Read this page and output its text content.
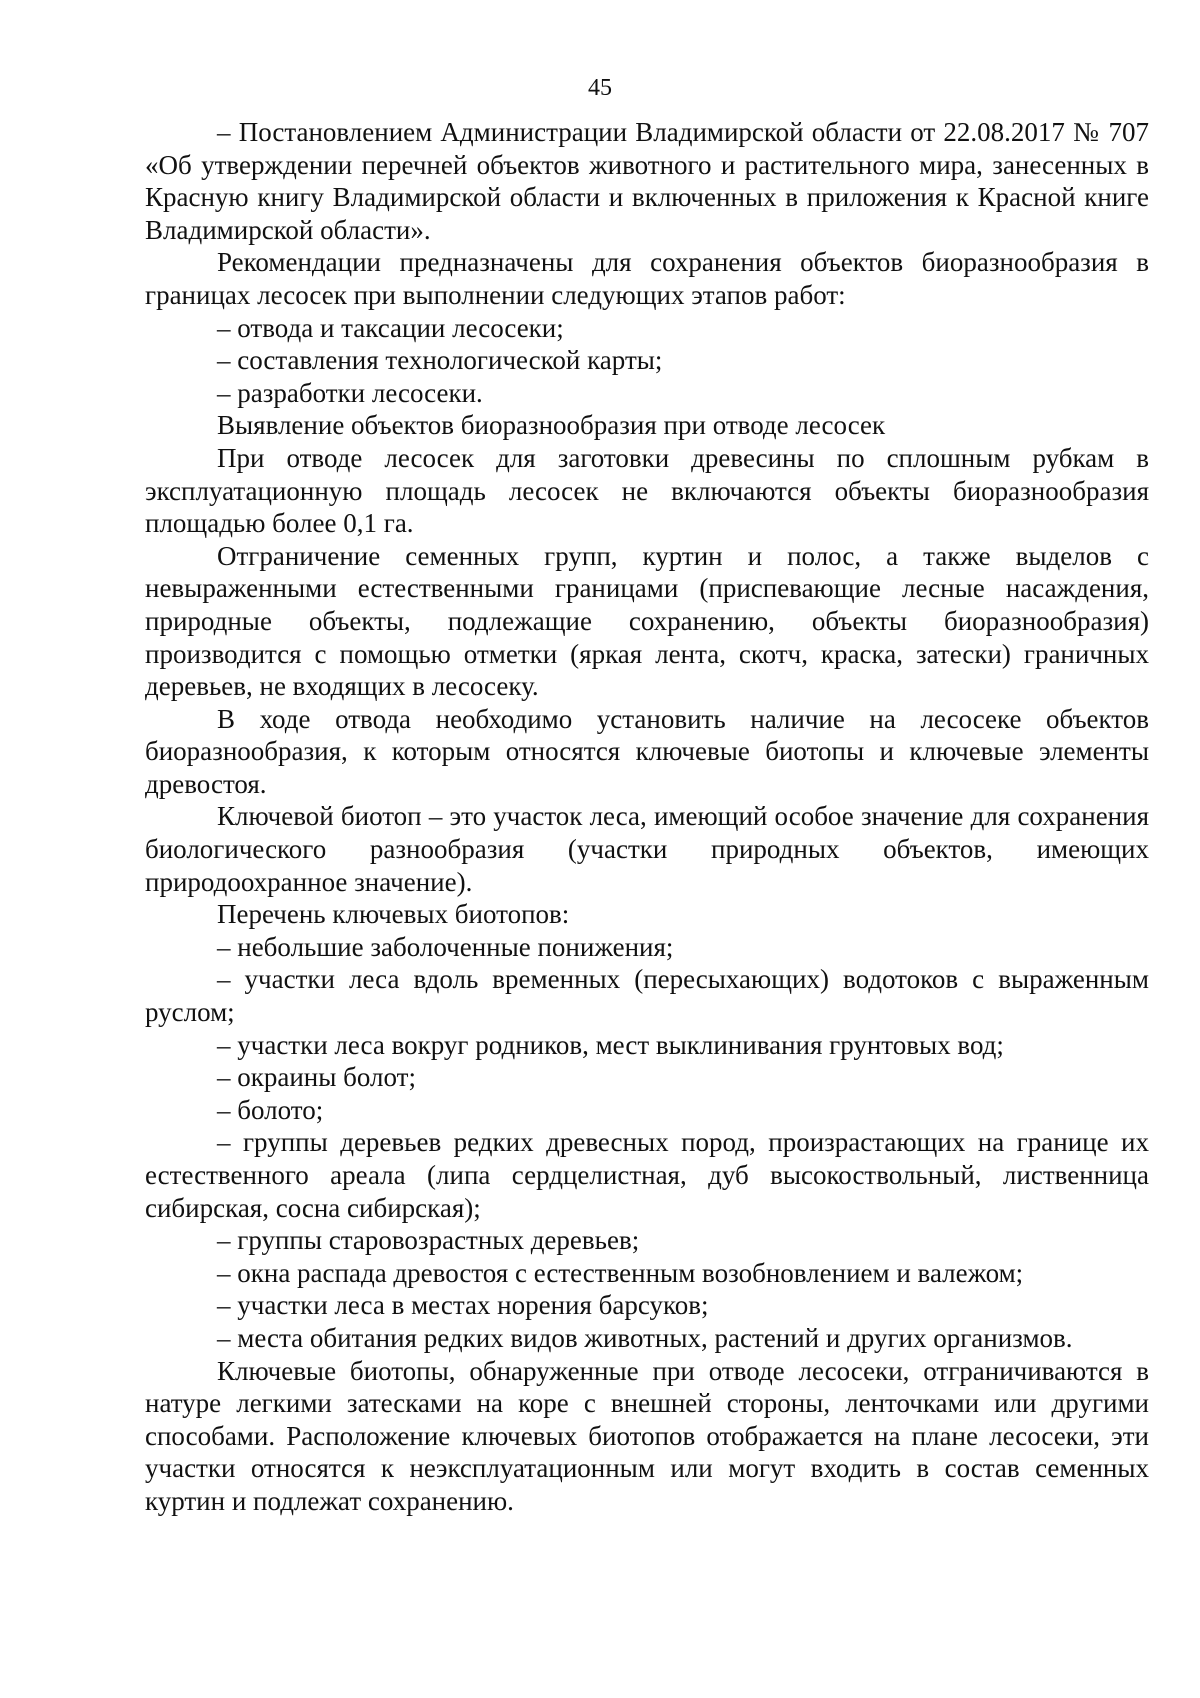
45

– Постановлением Администрации Владимирской области от 22.08.2017 № 707 «Об утверждении перечней объектов животного и растительного мира, занесенных в Красную книгу Владимирской области и включенных в приложения к Красной книге Владимирской области».

Рекомендации предназначены для сохранения объектов биоразнообразия в границах лесосек при выполнении следующих этапов работ:

– отвода и таксации лесосеки;

– составления технологической карты;

– разработки лесосеки.

Выявление объектов биоразнообразия при отводе лесосек

При отводе лесосек для заготовки древесины по сплошным рубкам в эксплуатационную площадь лесосек не включаются объекты биоразнообразия площадью более 0,1 га.

Отграничение семенных групп, куртин и полос, а также выделов с невыраженными естественными границами (приспевающие лесные насаждения, природные объекты, подлежащие сохранению, объекты биоразнообразия) производится с помощью отметки (яркая лента, скотч, краска, затески) граничных деревьев, не входящих в лесосеку.

В ходе отвода необходимо установить наличие на лесосеке объектов биоразнообразия, к которым относятся ключевые биотопы и ключевые элементы древостоя.

Ключевой биотоп – это участок леса, имеющий особое значение для сохранения биологического разнообразия (участки природных объектов, имеющих природоохранное значение).

Перечень ключевых биотопов:

– небольшие заболоченные понижения;

– участки леса вдоль временных (пересыхающих) водотоков с выраженным руслом;

– участки леса вокруг родников, мест выклинивания грунтовых вод;

– окраины болот;

– болото;

– группы деревьев редких древесных пород, произрастающих на границе их естественного ареала (липа сердцелистная, дуб высокоствольный, лиственница сибирская, сосна сибирская);

– группы старовозрастных деревьев;

– окна распада древостоя с естественным возобновлением и валежом;

– участки леса в местах норения барсуков;

– места обитания редких видов животных, растений и других организмов.

Ключевые биотопы, обнаруженные при отводе лесосеки, отграничиваются в натуре легкими затесками на коре с внешней стороны, ленточками или другими способами. Расположение ключевых биотопов отображается на плане лесосеки, эти участки относятся к неэксплуатационным или могут входить в состав семенных куртин и подлежат сохранению.
